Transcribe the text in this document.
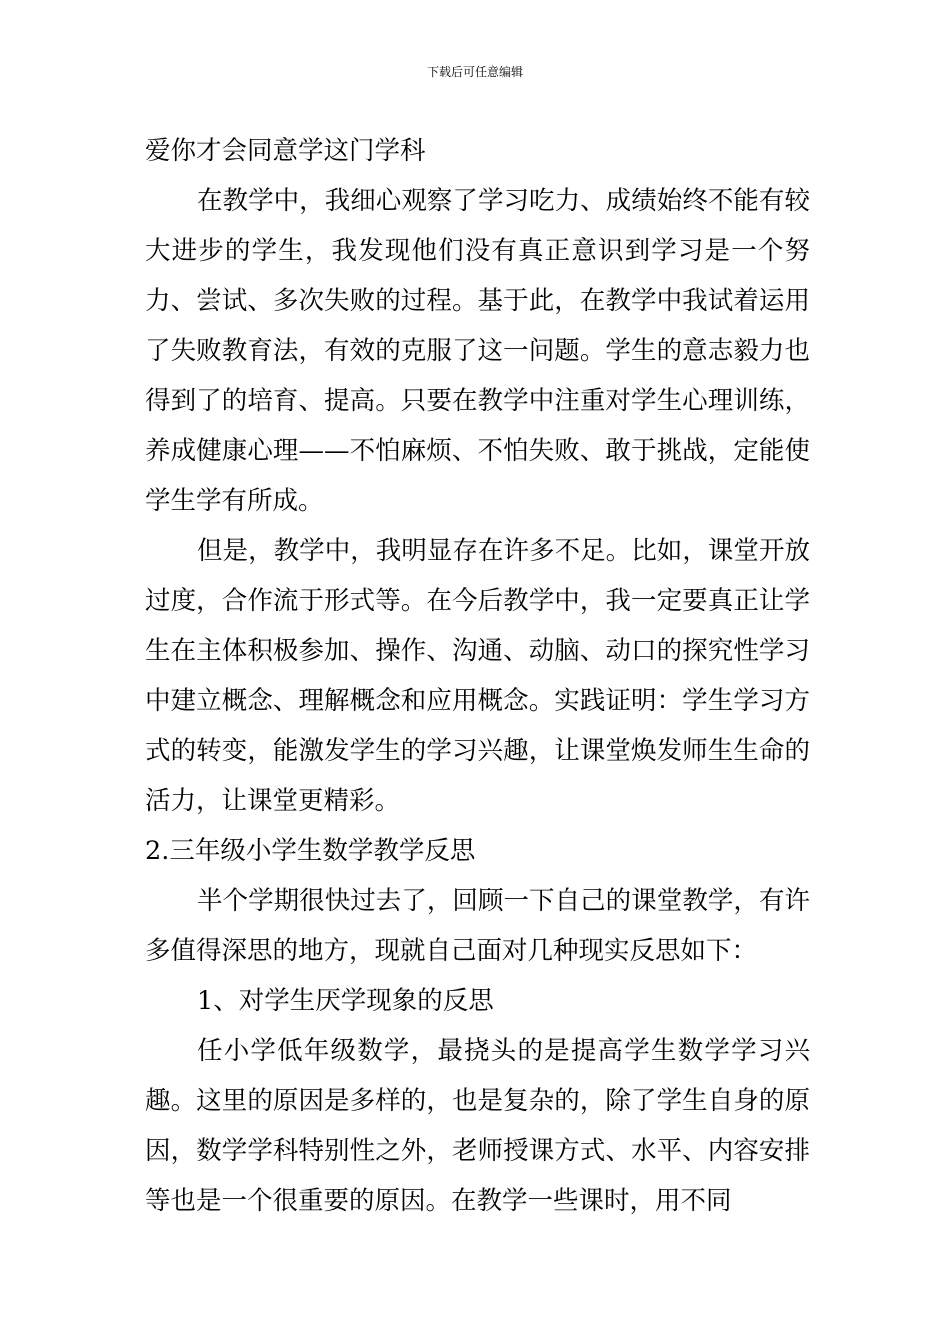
下载后可任意编辑

爱你才会同意学这门学科

在教学中，我细心观察了学习吃力、成绩始终不能有较大进步的学生，我发现他们没有真正意识到学习是一个努力、尝试、多次失败的过程。基于此，在教学中我试着运用了失败教育法，有效的克服了这一问题。学生的意志毅力也得到了的培育、提高。只要在教学中注重对学生心理训练，养成健康心理——不怕麻烦、不怕失败、敢于挑战，定能使学生学有所成。

但是，教学中，我明显存在许多不足。比如，课堂开放过度，合作流于形式等。在今后教学中，我一定要真正让学生在主体积极参加、操作、沟通、动脑、动口的探究性学习中建立概念、理解概念和应用概念。实践证明：学生学习方式的转变，能激发学生的学习兴趣，让课堂焕发师生生命的活力，让课堂更精彩。

2.三年级小学生数学教学反思

半个学期很快过去了，回顾一下自己的课堂教学，有许多值得深思的地方，现就自己面对几种现实反思如下：

1、对学生厌学现象的反思

任小学低年级数学，最挠头的是提高学生数学学习兴趣。这里的原因是多样的，也是复杂的，除了学生自身的原因，数学学科特别性之外，老师授课方式、水平、内容安排等也是一个很重要的原因。在教学一些课时，用不同
